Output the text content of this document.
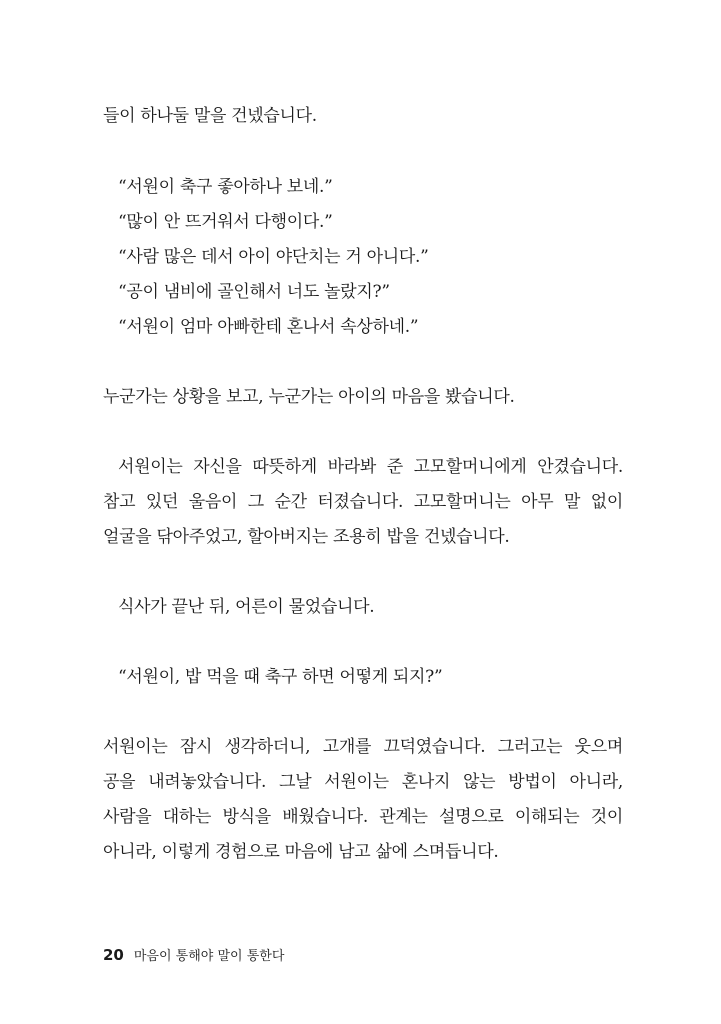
들이 하나둘 말을 건넸습니다.
“서원이 축구 좋아하나 보네.”
“많이 안 뜨거워서 다행이다.”
“사람 많은 데서 아이 야단치는 거 아니다.”
“공이 냄비에 골인해서 너도 놀랐지?”
“서원이 엄마 아빠한테 혼나서 속상하네.”
누군가는 상황을 보고, 누군가는 아이의 마음을 봤습니다.
서원이는 자신을 따뜻하게 바라봐 준 고모할머니에게 안겼습니다.
참고 있던 울음이 그 순간 터졌습니다. 고모할머니는 아무 말 없이
얼굴을 닦아주었고, 할아버지는 조용히 밥을 건넸습니다.
식사가 끝난 뒤, 어른이 물었습니다.
“서원이, 밥 먹을 때 축구 하면 어떻게 되지?”
서원이는 잠시 생각하더니, 고개를 끄덕였습니다. 그러고는 웃으며
공을 내려놓았습니다. 그날 서원이는 혼나지 않는 방법이 아니라,
사람을 대하는 방식을 배웠습니다. 관계는 설명으로 이해되는 것이
아니라, 이렇게 경험으로 마음에 남고 삶에 스며듭니다.
20 마음이 통해야 말이 통한다
